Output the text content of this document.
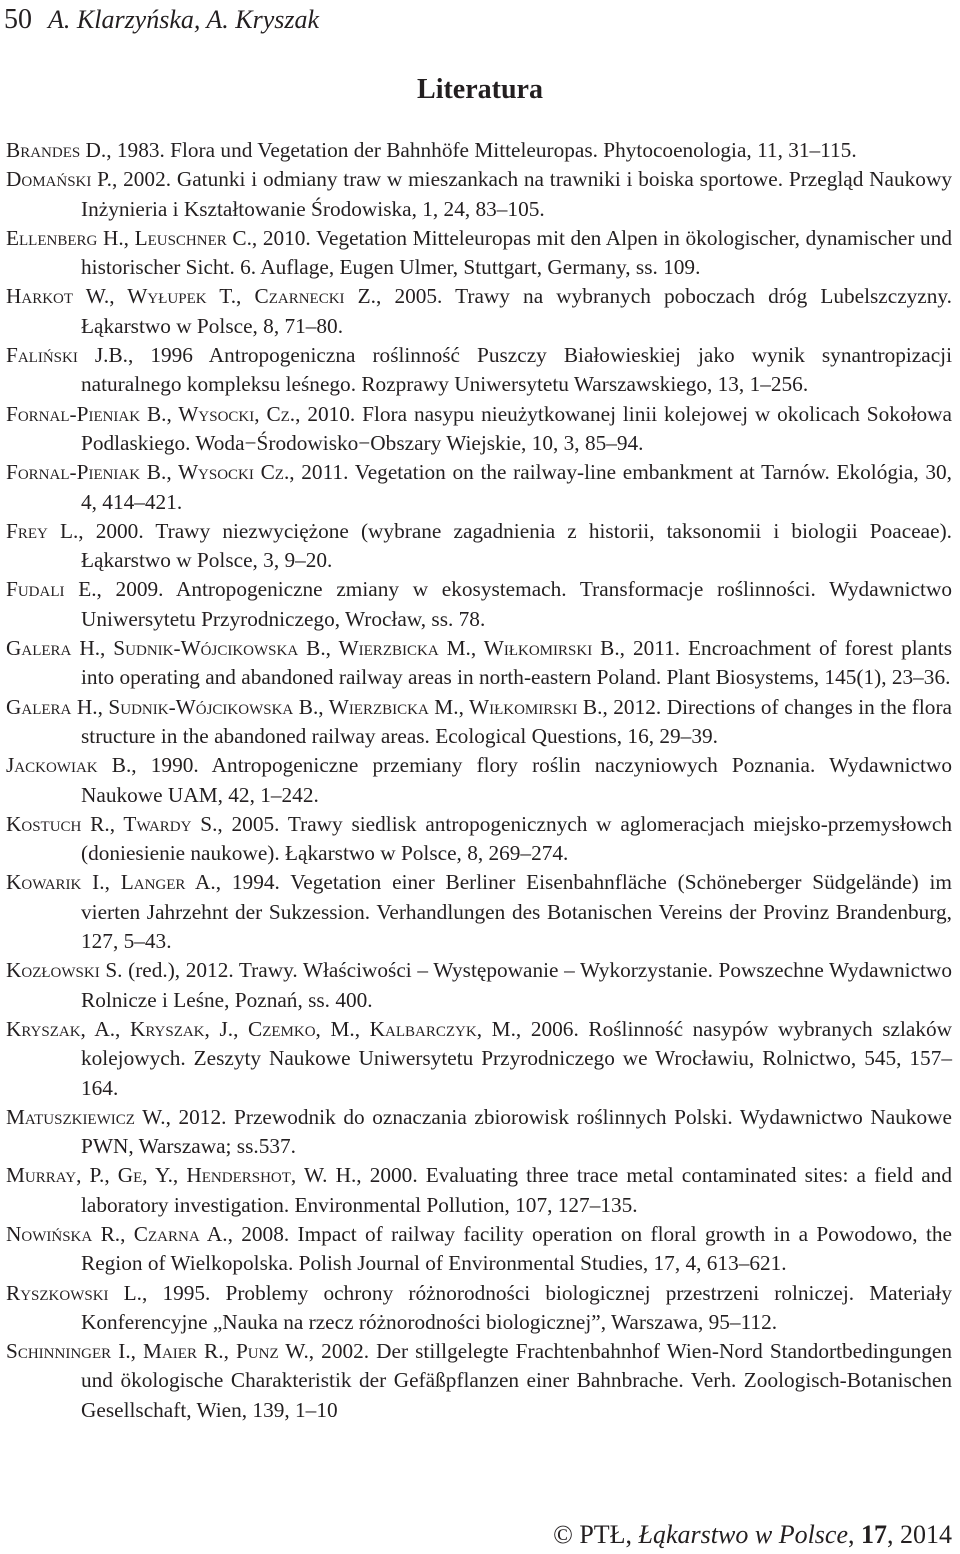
50 A. Klarzyńska, A. Kryszak
Literatura

Brandes D., 1983. Flora und Vegetation der Bahnhöfe Mitteleuropas. Phytocoenologia, 11, 31–115.

Domański P., 2002. Gatunki i odmiany traw w mieszankach na trawniki i boiska sportowe. Przegląd Naukowy Inżynieria i Kształtowanie Środowiska, 1, 24, 83–105.

Ellenberg H., Leuschner C., 2010. Vegetation Mitteleuropas mit den Alpen in ökologischer, dynamischer und historischer Sicht. 6. Auflage, Eugen Ulmer, Stuttgart, Germany, ss. 109.

Harkot W., Wyłupek T., Czarnecki Z., 2005. Trawy na wybranych poboczach dróg Lubelszczyzny. Łąkarstwo w Polsce, 8, 71–80.

Faliński J.B., 1996 Antropogeniczna roślinność Puszczy Białowieskiej jako wynik synantropizacji naturalnego kompleksu leśnego. Rozprawy Uniwersytetu Warszawskiego, 13, 1–256.

Fornal-Pieniak B., Wysocki, Cz., 2010. Flora nasypu nieużytkowanej linii kolejowej w okolicach Sokołowa Podlaskiego. Woda−Środowisko−Obszary Wiejskie, 10, 3, 85–94.

Fornal-Pieniak B., Wysocki Cz., 2011. Vegetation on the railway-line embankment at Tarnów. Ekológia, 30, 4, 414–421.

Frey L., 2000. Trawy niezwyciężone (wybrane zagadnienia z historii, taksonomii i biologii Poaceae). Łąkarstwo w Polsce, 3, 9–20.

Fudali E., 2009. Antropogeniczne zmiany w ekosystemach. Transformacje roślinności. Wydawnictwo Uniwersytetu Przyrodniczego, Wrocław, ss. 78.

Galera H., Sudnik-Wójcikowska B., Wierzbicka M., Wiłkomirski B., 2011. Encroachment of forest plants into operating and abandoned railway areas in north-eastern Poland. Plant Biosystems, 145(1), 23–36.

Galera H., Sudnik-Wójcikowska B., Wierzbicka M., Wiłkomirski B., 2012. Directions of changes in the flora structure in the abandoned railway areas. Ecological Questions, 16, 29–39.

Jackowiak B., 1990. Antropogeniczne przemiany flory roślin naczyniowych Poznania. Wydawnictwo Naukowe UAM, 42, 1–242.

Kostuch R., Twardy S., 2005. Trawy siedlisk antropogenicznych w aglomeracjach miejsko-przemysłowch (doniesienie naukowe). Łąkarstwo w Polsce, 8, 269–274.

Kowarik I., Langer A., 1994. Vegetation einer Berliner Eisenbahnfläche (Schöneberger Südgelände) im vierten Jahrzehnt der Sukzession. Verhandlungen des Botanischen Vereins der Provinz Brandenburg, 127, 5–43.

Kozłowski S. (red.), 2012. Trawy. Właściwości – Występowanie – Wykorzystanie. Powszechne Wydawnictwo Rolnicze i Leśne, Poznań, ss. 400.

Kryszak, A., Kryszak, J., Czemko, M., Kalbarczyk, M., 2006. Roślinność nasypów wybranych szlaków kolejowych. Zeszyty Naukowe Uniwersytetu Przyrodniczego we Wrocławiu, Rolnictwo, 545, 157–164.

Matuszkiewicz W., 2012. Przewodnik do oznaczania zbiorowisk roślinnych Polski. Wydawnictwo Naukowe PWN, Warszawa; ss.537.

Murray, P., Ge, Y., Hendershot, W. H., 2000. Evaluating three trace metal contaminated sites: a field and laboratory investigation. Environmental Pollution, 107, 127–135.

Nowińska R., Czarna A., 2008. Impact of railway facility operation on floral growth in a Powodowo, the Region of Wielkopolska. Polish Journal of Environmental Studies, 17, 4, 613–621.

Ryszkowski L., 1995. Problemy ochrony różnorodności biologicznej przestrzeni rolniczej. Materiały Konferencyjne „Nauka na rzecz różnorodności biologicznej”, Warszawa, 95–112.

Schinninger I., Maier R., Punz W., 2002. Der stillgelegte Frachtenbahnhof Wien-Nord Standortbedingungen und ökologische Charakteristik der Gefäßpflanzen einer Bahnbrache. Verh. Zoologisch-Botanischen Gesellschaft, Wien, 139, 1–10

© PTŁ, Łąkarstwo w Polsce, 17, 2014
